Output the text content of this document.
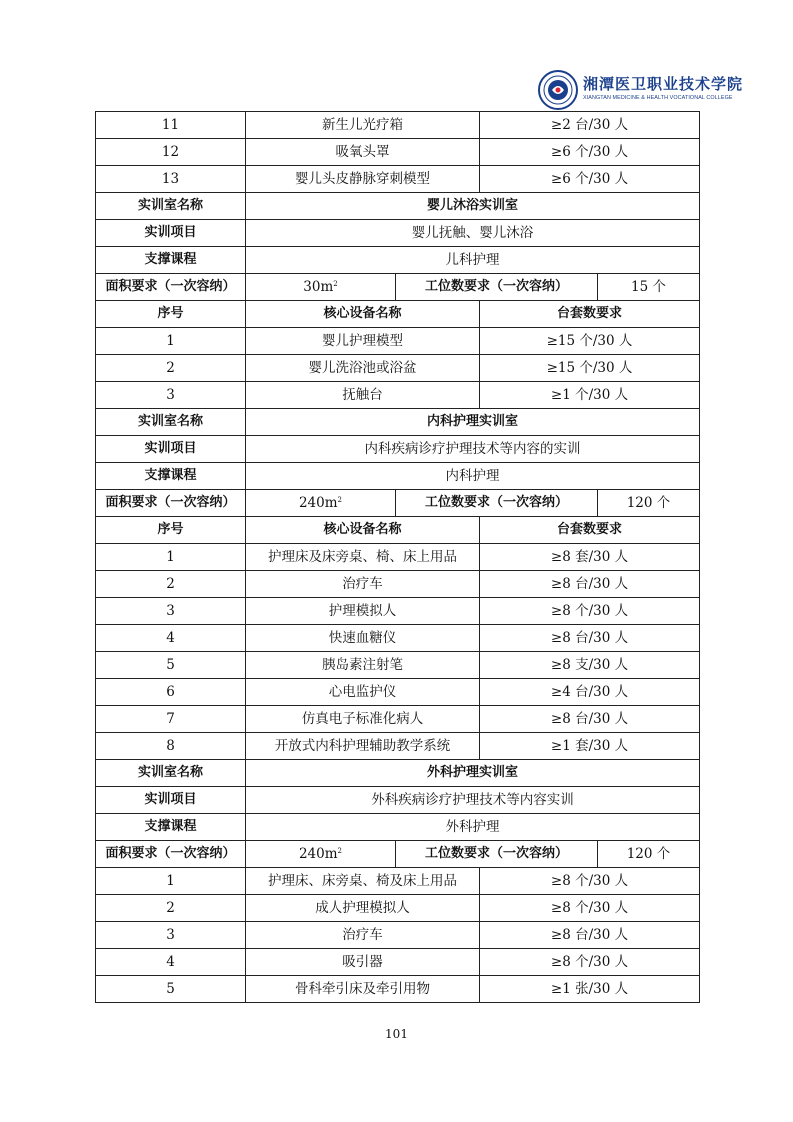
湘潭医卫职业技术学院
XIANGTAN MEDICINE & HEALTH VOCATIONAL COLLEGE
11	新生儿光疗箱		≥2 台/30 人	
12	吸氧头罩		≥6 个/30 人	
13	婴儿头皮静脉穿刺模型		≥6 个/30 人	
实训室名称	婴儿沐浴实训室			
实训项目	婴儿抚触、婴儿沐浴			
支撑课程	儿科护理			
面积要求（一次容纳）	$30m^2$	工位数要求（一次容纳）		15 个
序号	核心设备名称		台套数要求	
1	婴儿护理模型		≥15 个/30 人	
2	婴儿洗浴池或浴盆		≥15 个/30 人	
3	抚触台		≥1 个/30 人	
实训室名称	内科护理实训室			
实训项目	内科疾病诊疗护理技术等内容的实训			
支撑课程	内科护理			
面积要求（一次容纳）	$240m^2$	工位数要求（一次容纳）		120 个
序号	核心设备名称		台套数要求	
1	护理床及床旁桌、椅、床上用品		≥8 套/30 人	
2	治疗车		≥8 台/30 人	
3	护理模拟人		≥8 个/30 人	
4	快速血糖仪		≥8 台/30 人	
5	胰岛素注射笔		≥8 支/30 人	
6	心电监护仪		≥4 台/30 人	
7	仿真电子标准化病人		≥8 台/30 人	
8	开放式内科护理辅助教学系统		≥1 套/30 人	
实训室名称	外科护理实训室			
实训项目	外科疾病诊疗护理技术等内容实训			
支撑课程	外科护理			
面积要求（一次容纳）	$240m^2$	工位数要求（一次容纳）		120 个
1	护理床、床旁桌、椅及床上用品		≥8 个/30 人	
2	成人护理模拟人		≥8 个/30 人	
3	治疗车		≥8 台/30 人	
4	吸引器		≥8 个/30 人	
5	骨科牵引床及牵引用物		≥1 张/30 人	
101
